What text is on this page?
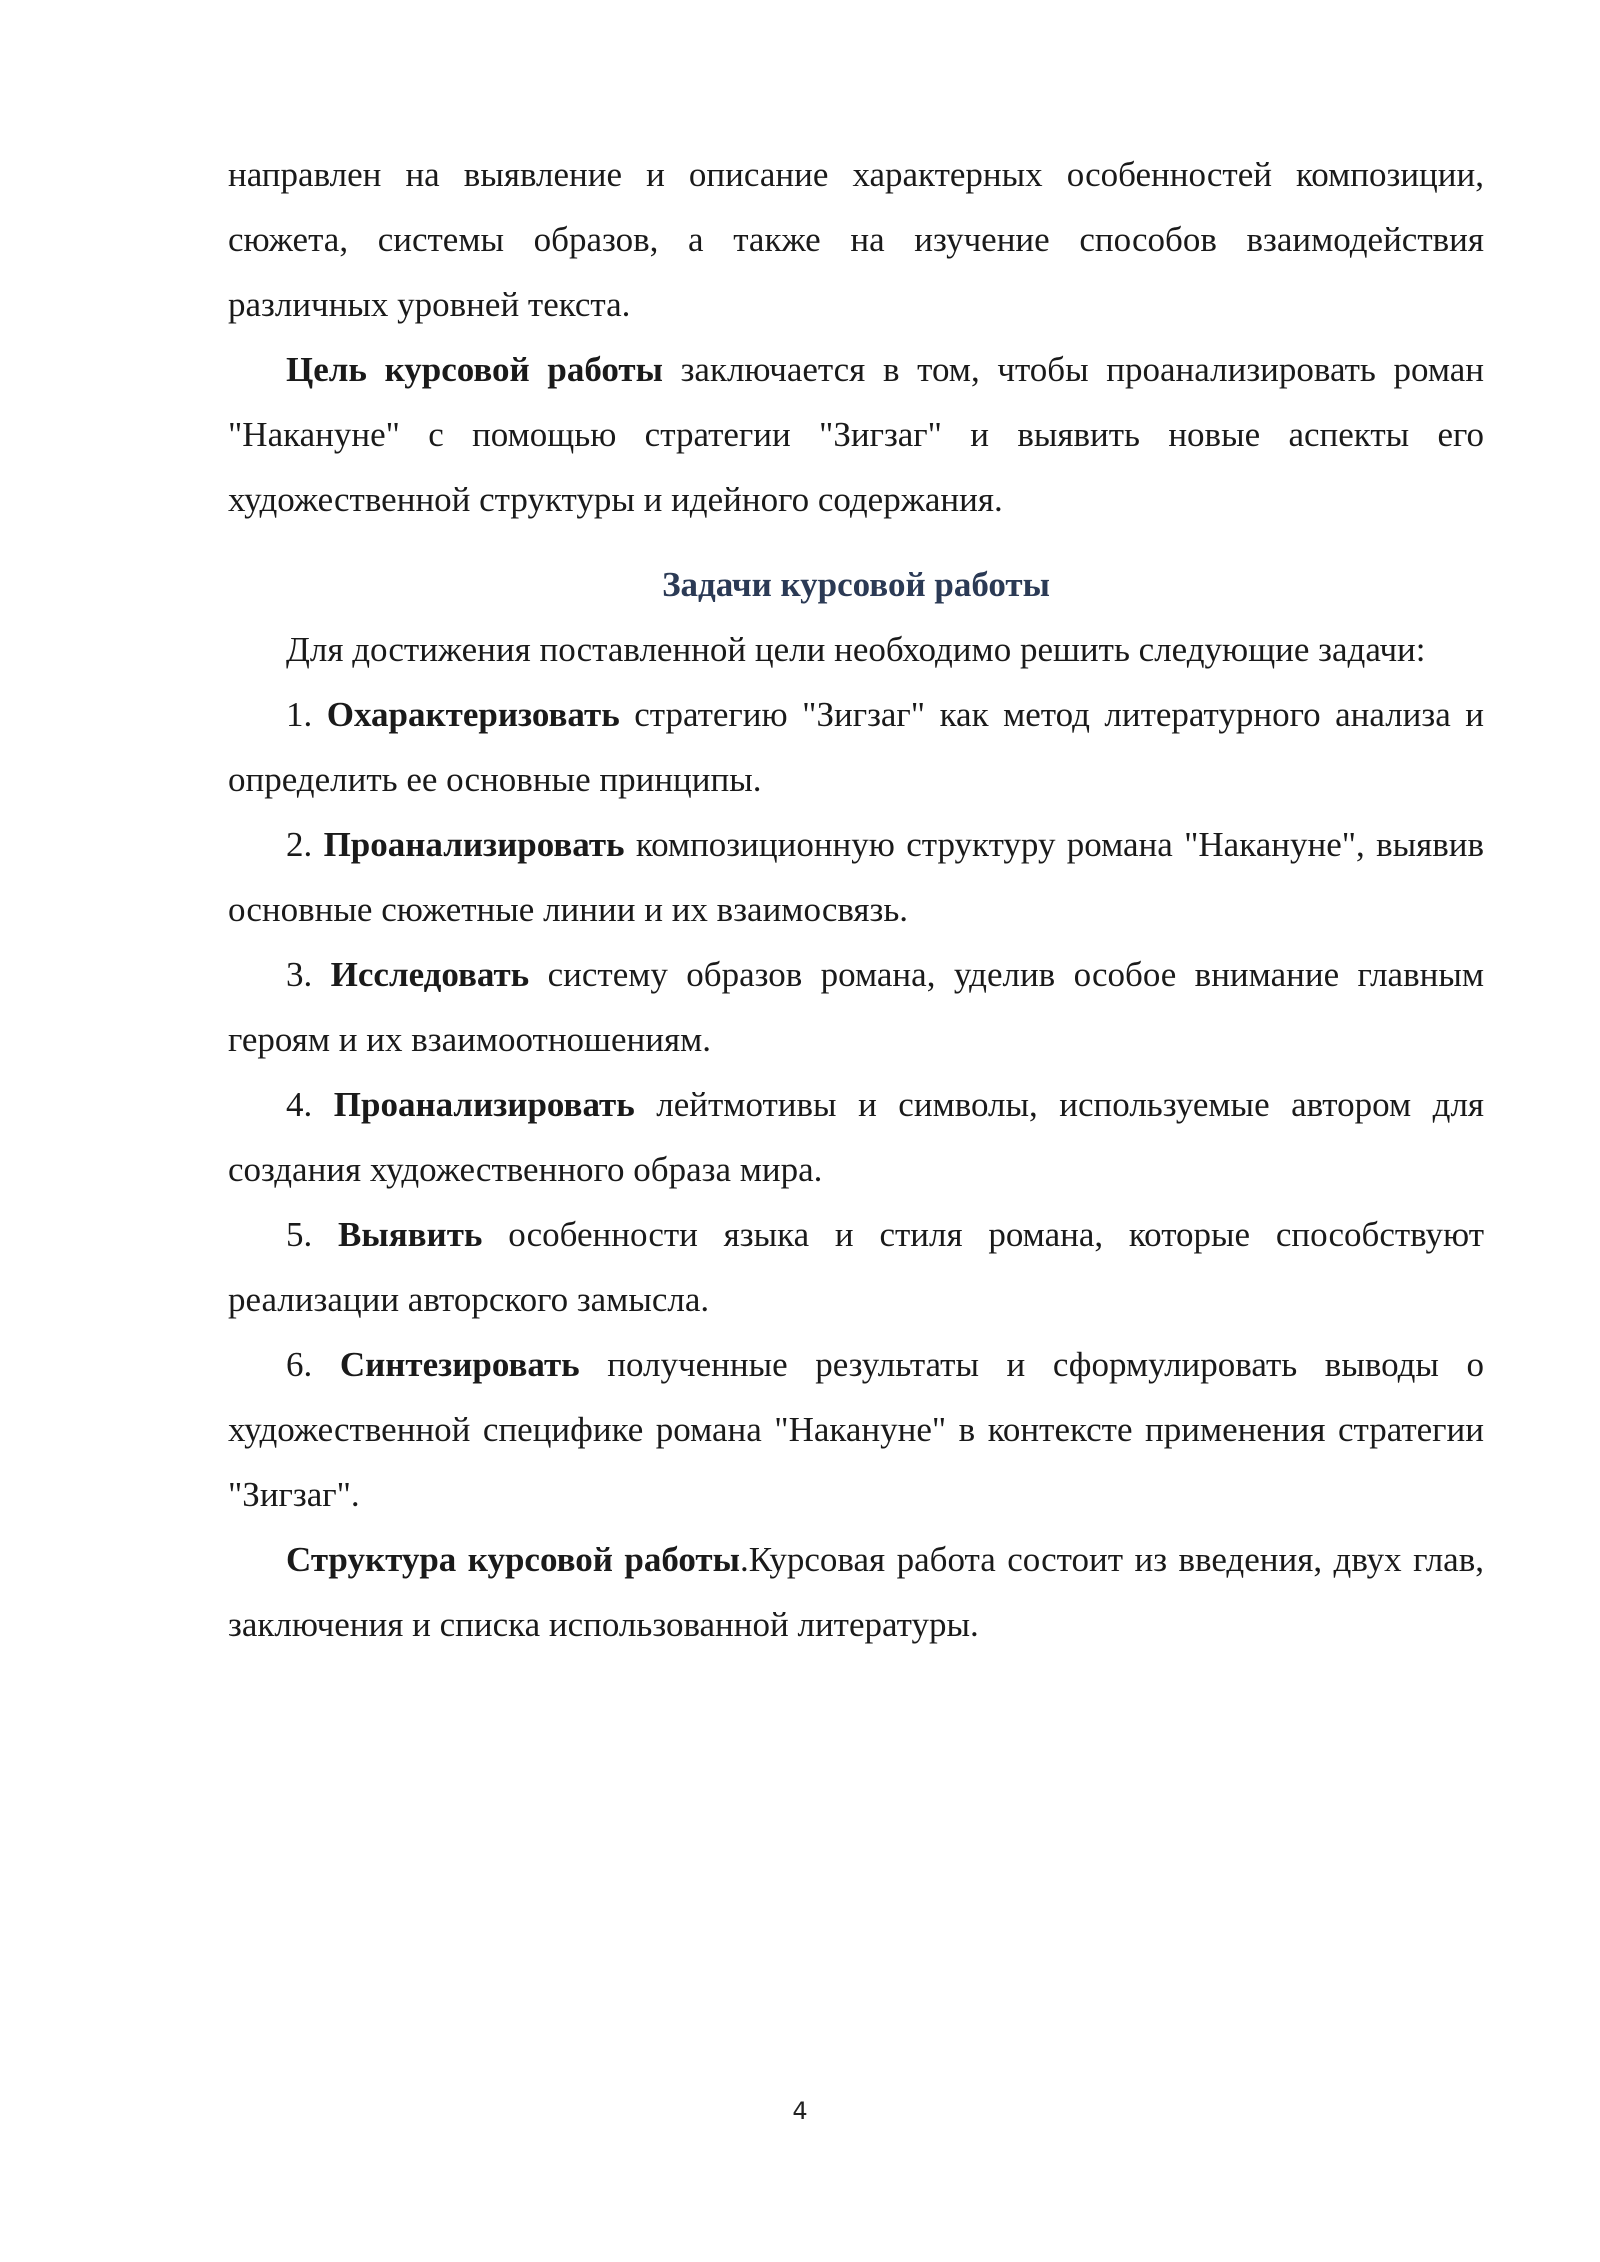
направлен на выявление и описание характерных особенностей композиции, сюжета, системы образов, а также на изучение способов взаимодействия различных уровней текста.

Цель курсовой работы заключается в том, чтобы проанализировать роман "Накануне" с помощью стратегии "Зигзаг" и выявить новые аспекты его художественной структуры и идейного содержания.

Задачи курсовой работы

Для достижения поставленной цели необходимо решить следующие задачи:

1. Охарактеризовать стратегию "Зигзаг" как метод литературного анализа и определить ее основные принципы.

2. Проанализировать композиционную структуру романа "Накануне", выявив основные сюжетные линии и их взаимосвязь.

3. Исследовать систему образов романа, уделив особое внимание главным героям и их взаимоотношениям.

4. Проанализировать лейтмотивы и символы, используемые автором для создания художественного образа мира.

5. Выявить особенности языка и стиля романа, которые способствуют реализации авторского замысла.

6. Синтезировать полученные результаты и сформулировать выводы о художественной специфике романа "Накануне" в контексте применения стратегии "Зигзаг".

Структура курсовой работы.Курсовая работа состоит из введения, двух глав, заключения и списка использованной литературы.

4
